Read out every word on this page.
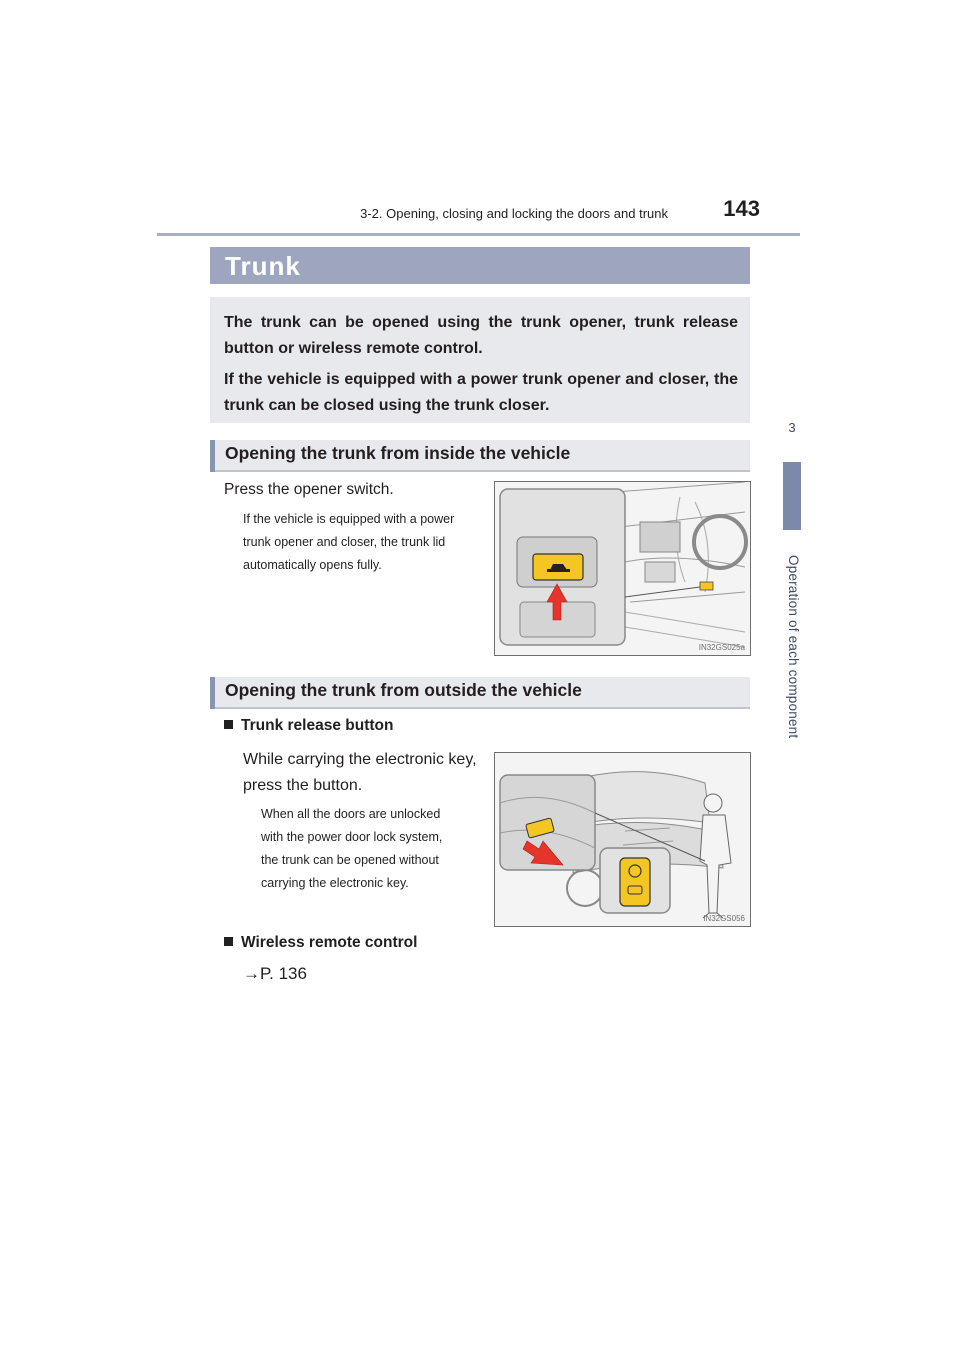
3-2. Opening, closing and locking the doors and trunk	143
3
Operation of each component
Trunk
The trunk can be opened using the trunk opener, trunk release button or wireless remote control.
If the vehicle is equipped with a power trunk opener and closer, the trunk can be closed using the trunk closer.
Opening the trunk from inside the vehicle
Press the opener switch.
If the vehicle is equipped with a power
trunk opener and closer, the trunk lid
automatically opens fully.
IN32GS025a
Opening the trunk from outside the vehicle
Trunk release button
While carrying the electronic key,
press the button.
When all the doors are unlocked
with the power door lock system,
the trunk can be opened without
carrying the electronic key.
IN32GS056
Wireless remote control
→P. 136
